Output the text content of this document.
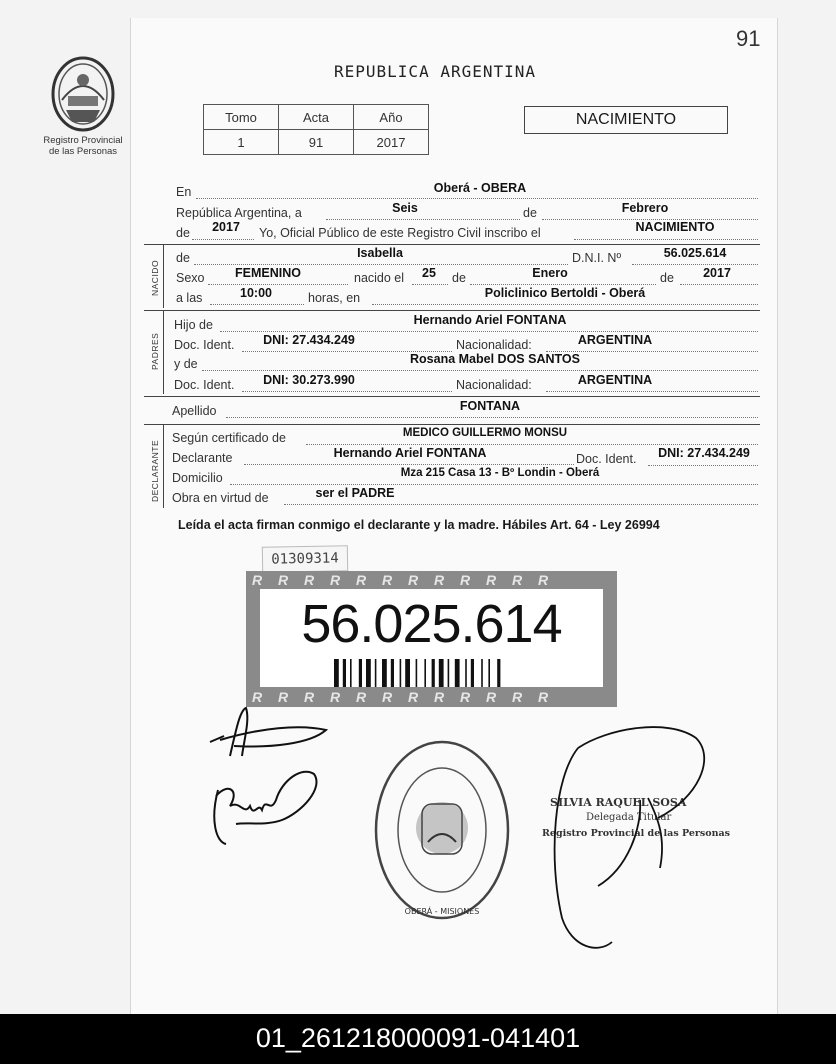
91
Registro Provincial
de las Personas
REPUBLICA ARGENTINA
Tomo	Acta	Año
1	91	2017
NACIMIENTO
En	Oberá - OBERA
República Argentina, a	Seis	de	Febrero
de	2017	Yo, Oficial Público de este Registro Civil inscribo el	NACIMIENTO
NACIDO
de	Isabella	D.N.I. Nº	56.025.614
Sexo	FEMENINO	nacido el	25	de	Enero	de	2017
a las	10:00	horas, en	Policlinico Bertoldi - Oberá
PADRES
Hijo de	Hernando Ariel FONTANA
Doc. Ident.	DNI: 27.434.249	Nacionalidad:	ARGENTINA
y de	Rosana Mabel DOS SANTOS
Doc. Ident.	DNI: 30.273.990	Nacionalidad:	ARGENTINA
Apellido	FONTANA
DECLARANTE
Según certificado de	MEDICO GUILLERMO MONSU
Declarante	Hernando Ariel FONTANA	Doc. Ident.	DNI: 27.434.249
Domicilio	Mza 215 Casa 13 - Bº Londin - Oberá
Obra en virtud de	ser el PADRE
Leída el acta firman conmigo el declarante y la madre. Hábiles Art. 64 - Ley 26994
01309314
R R R R R R R R R R R R
R R R R R R R R R R R R
56.025.614
OBERÁ - MISIONES
SILVIA RAQUEL SOSA
Delegada Titular
Registro Provincial de las Personas
01_261218000091-041401
